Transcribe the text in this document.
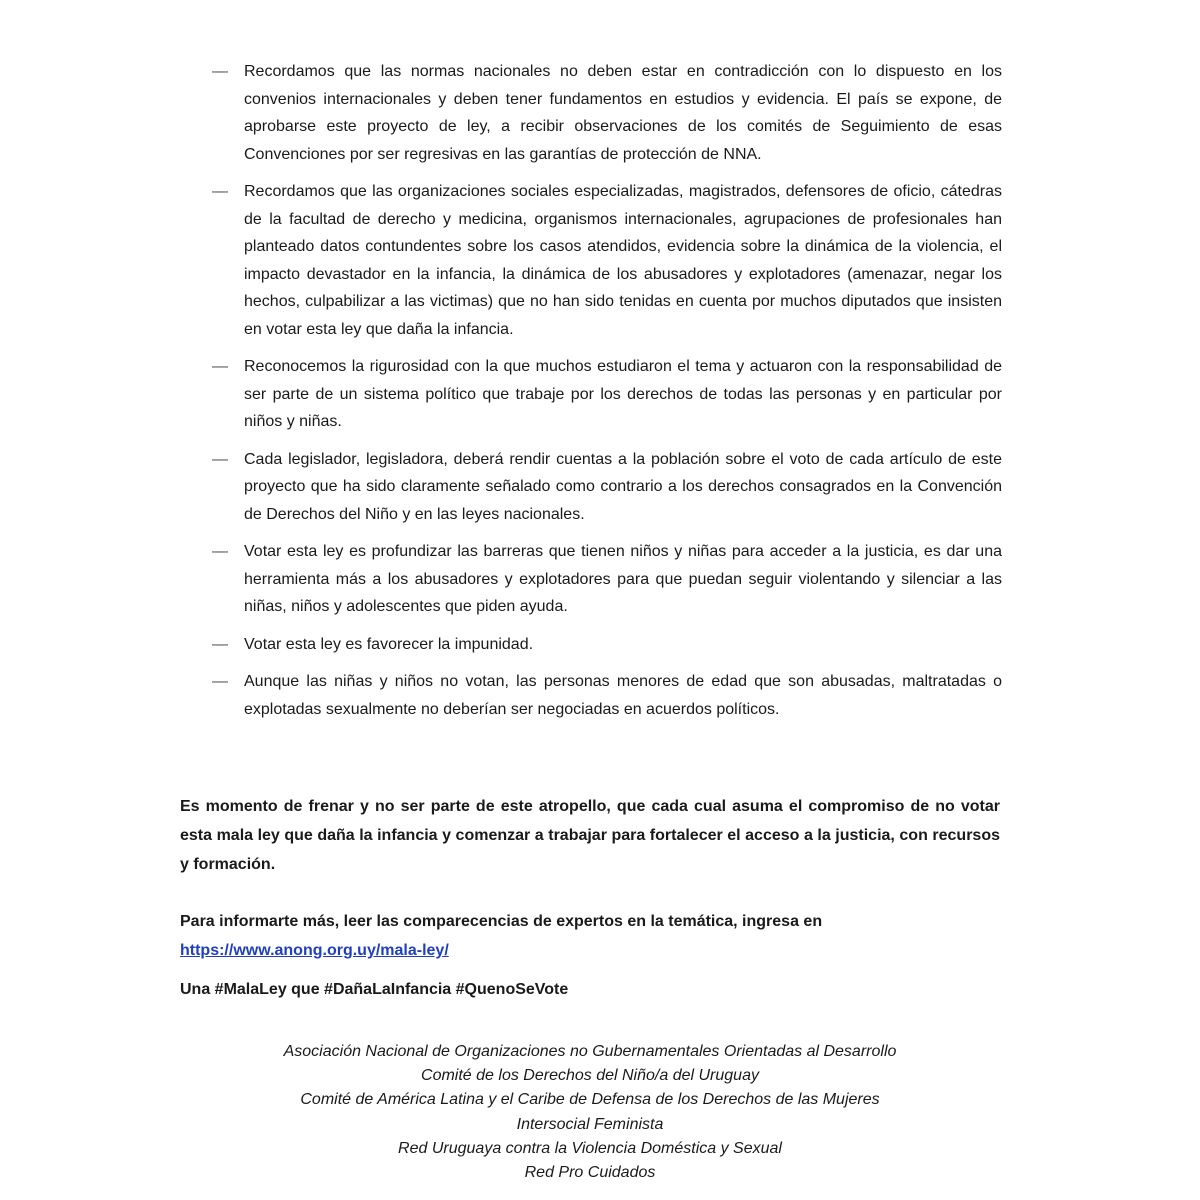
—	Recordamos que las normas nacionales no deben estar en contradicción con lo dispuesto en los convenios internacionales y deben tener fundamentos en estudios y evidencia. El país se expone, de aprobarse este proyecto de ley, a recibir observaciones de los comités de Seguimiento de esas Convenciones por ser regresivas en las garantías de protección de NNA.
—	Recordamos que las organizaciones sociales especializadas, magistrados, defensores de oficio, cátedras de la facultad de derecho y medicina, organismos internacionales, agrupaciones de profesionales han planteado datos contundentes sobre los casos atendidos, evidencia sobre la dinámica de la violencia, el impacto devastador en la infancia, la dinámica de los abusadores y explotadores (amenazar, negar los hechos, culpabilizar a las victimas) que no han sido tenidas en cuenta por muchos diputados que insisten en votar esta ley que daña la infancia.
—	Reconocemos la rigurosidad con la que muchos estudiaron el tema y actuaron con la responsabilidad de ser parte de un sistema político que trabaje por los derechos de todas las personas y en particular por niños y niñas.
—	Cada legislador, legisladora, deberá rendir cuentas a la población sobre el voto de cada artículo de este proyecto que ha sido claramente señalado como contrario a los derechos consagrados en la Convención de Derechos del Niño y en las leyes nacionales.
—	Votar esta ley es profundizar las barreras que tienen niños y niñas para acceder a la justicia, es dar una herramienta más a los abusadores y explotadores para que puedan seguir violentando y silenciar a las niñas, niños y adolescentes que piden ayuda.
—	Votar esta ley es favorecer la impunidad.
—	Aunque las niñas y niños no votan, las personas menores de edad que son abusadas, maltratadas o explotadas sexualmente no deberían ser negociadas en acuerdos políticos.

Es momento de frenar y no ser parte de este atropello, que cada cual asuma el compromiso de no votar esta mala ley que daña la infancia y comenzar a trabajar para fortalecer el acceso a la justicia, con recursos y formación.

Para informarte más, leer las comparecencias de expertos en la temática, ingresa en
https://www.anong.org.uy/mala-ley/

Una #MalaLey que #DañaLaInfancia #QuenoSeVote

Asociación Nacional de Organizaciones no Gubernamentales Orientadas al Desarrollo
Comité de los Derechos del Niño/a del Uruguay
Comité de América Latina y el Caribe de Defensa de los Derechos de las Mujeres
Intersocial Feminista
Red Uruguaya contra la Violencia Doméstica y Sexual
Red Pro Cuidados
